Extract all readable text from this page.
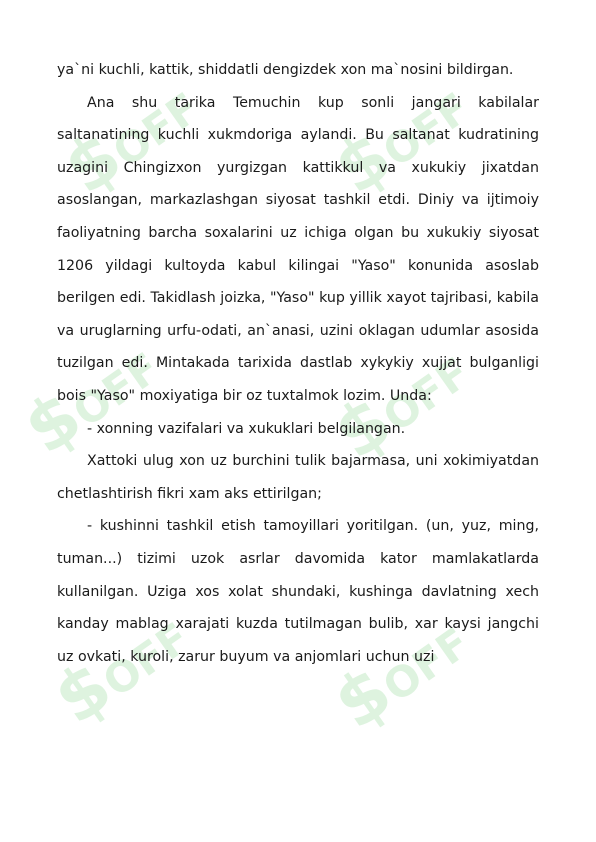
$OFF $OFF
$OFF $OFF
$OFF $OFF

ya`ni kuchli, kattik, shiddatli dengizdek xon ma`nosini bildirgan.

Ana shu tarika Temuchin kup sonli jangari kabilalar saltanatining kuchli xukmdoriga aylandi. Bu saltanat kudratining uzagini Chingizxon yurgizgan kattikkul va xukukiy jixatdan asoslangan, markazlashgan siyosat tashkil etdi. Diniy va ijtimoiy faoliyatning barcha soxalarini uz ichiga olgan bu xukukiy siyosat 1206 yildagi kultoyda kabul kilingai "Yaso" konunida asoslab berilgen edi. Takidlash joizka, "Yaso" kup yillik xayot tajribasi, kabila va uruglarning urfu-odati, an`anasi, uzini oklagan udumlar asosida tuzilgan edi. Mintakada tarixida dastlab xykykiy xujjat bulganligi bois "Yaso" moxiyatiga bir oz tuxtalmok lozim. Unda:

- xonning vazifalari va xukuklari belgilangan.

Xattoki ulug xon uz burchini tulik bajarmasa, uni xokimiyatdan chetlashtirish fikri xam aks ettirilgan;

- kushinni tashkil etish tamoyillari yoritilgan. (un, yuz, ming, tuman...) tizimi uzok asrlar davomida kator mamlakatlarda kullanilgan. Uziga xos xolat shundaki, kushinga davlatning xech kanday mablag xarajati kuzda tutilmagan bulib, xar kaysi jangchi uz ovkati, kuroli, zarur buyum va anjomlari uchun uzi
